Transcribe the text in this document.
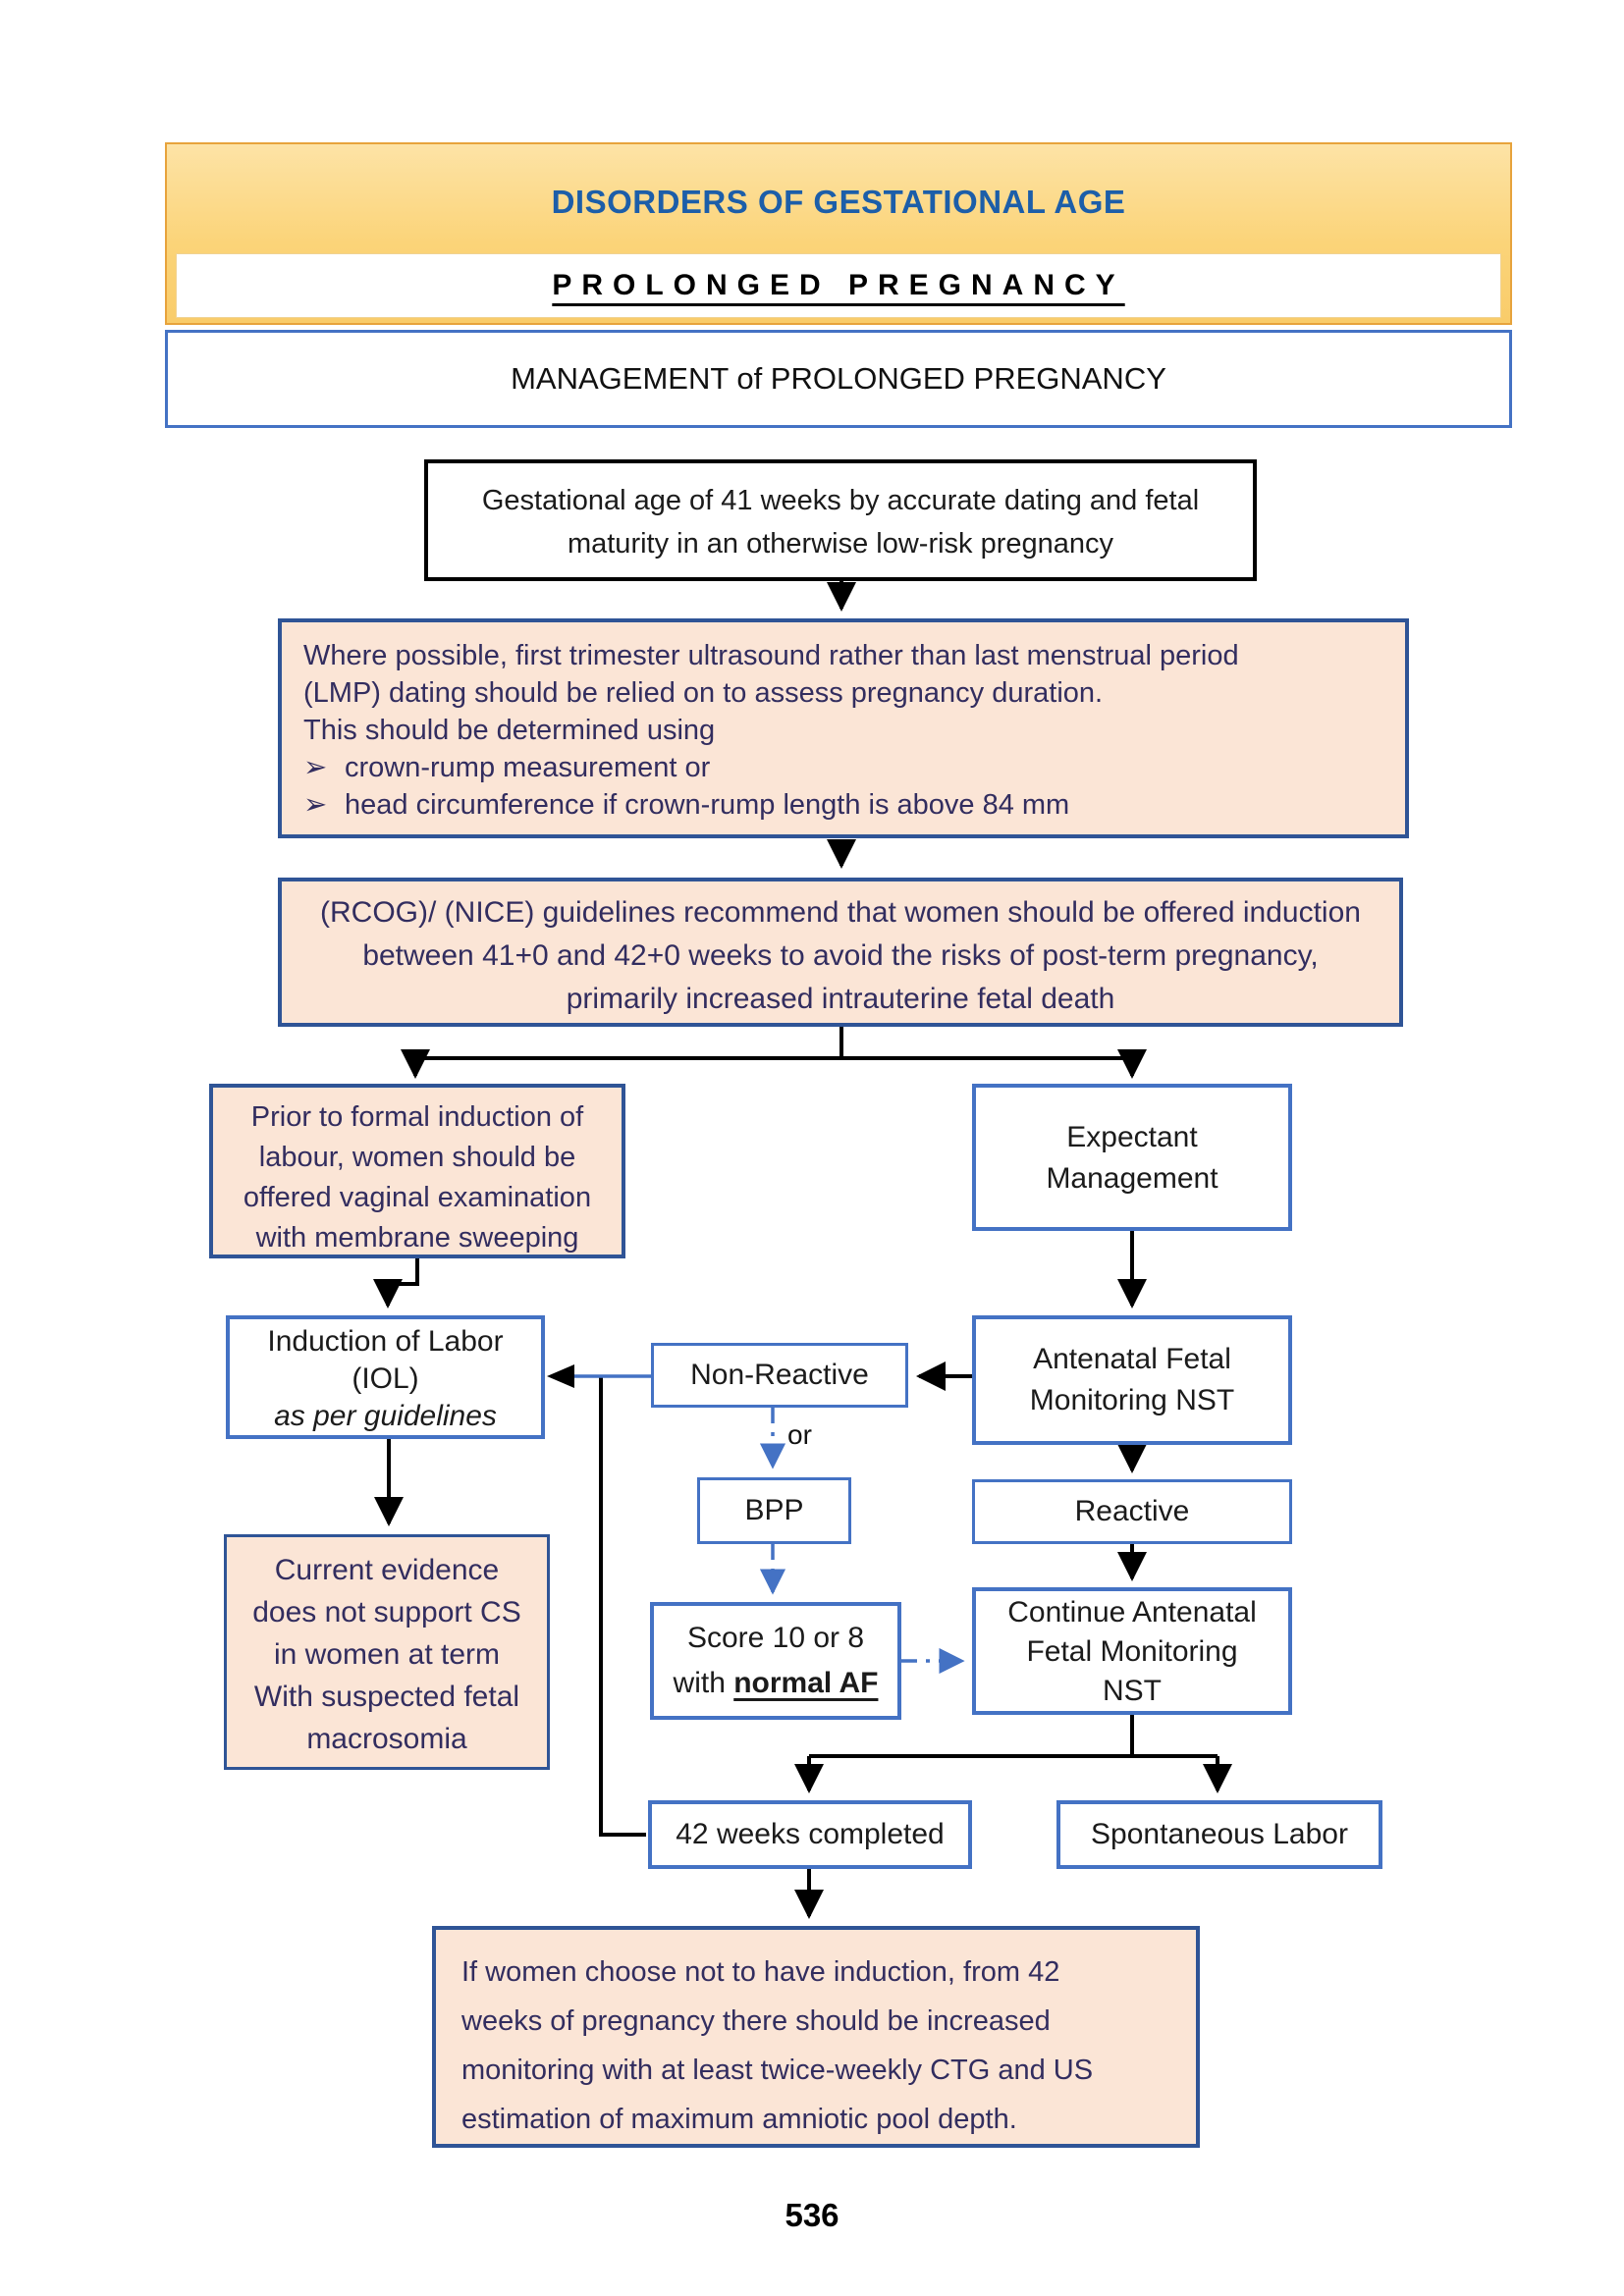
DISORDERS OF GESTATIONAL AGE
PROLONGED PREGNANCY
MANAGEMENT of PROLONGED PREGNANCY
Gestational age of 41 weeks by accurate dating and fetal
maturity in an otherwise low-risk pregnancy
Where possible, first trimester ultrasound rather than last menstrual period
(LMP) dating should be relied on to assess pregnancy duration.
This should be determined using
➢ crown-rump measurement or
➢ head circumference if crown-rump length is above 84 mm
(RCOG)/ (NICE) guidelines recommend that women should be offered induction
between 41+0 and 42+0 weeks to avoid the risks of post-term pregnancy,
primarily increased intrauterine fetal death
Prior to formal induction of
labour, women should be
offered vaginal examination
with membrane sweeping
Expectant
Management
Induction of Labor
(IOL)
as per guidelines
Non-Reactive
or
Antenatal Fetal
Monitoring NST
BPP	Reactive
Score 10 or 8
with normal AF
Continue Antenatal
Fetal Monitoring
NST
Current evidence
does not support CS
in women at term
With suspected fetal
macrosomia
42 weeks completed	Spontaneous Labor
If women choose not to have induction, from 42
weeks of pregnancy there should be increased
monitoring with at least twice-weekly CTG and US
estimation of maximum amniotic pool depth.
536
